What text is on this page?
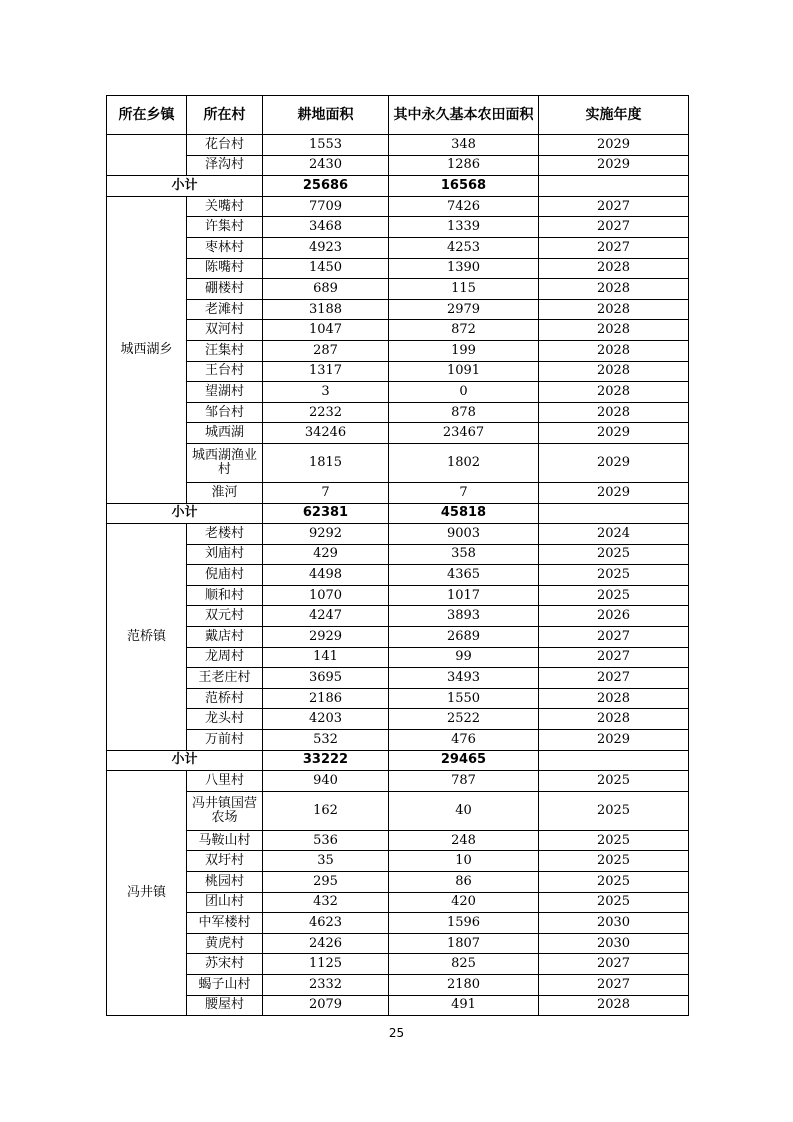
所在乡镇	所在村	耕地面积	其中永久基本农田面积	实施年度
	花台村	1553	348	2029
	泽沟村	2430	1286	2029
小计		25686	16568	
城西湖乡	关嘴村	7709	7426	2027
	许集村	3468	1339	2027
	枣林村	4923	4253	2027
	陈嘴村	1450	1390	2028
	硼楼村	689	115	2028
	老滩村	3188	2979	2028
	双河村	1047	872	2028
	汪集村	287	199	2028
	王台村	1317	1091	2028
	望湖村	3	0	2028
	邹台村	2232	878	2028
	城西湖	34246	23467	2029
	城西湖渔业村	1815	1802	2029
	淮河	7	7	2029
小计		62381	45818	
范桥镇	老楼村	9292	9003	2024
	刘庙村	429	358	2025
	倪庙村	4498	4365	2025
	顺和村	1070	1017	2025
	双元村	4247	3893	2026
	戴店村	2929	2689	2027
	龙周村	141	99	2027
	王老庄村	3695	3493	2027
	范桥村	2186	1550	2028
	龙头村	4203	2522	2028
	万前村	532	476	2029
小计		33222	29465	
冯井镇	八里村	940	787	2025
	冯井镇国营农场	162	40	2025
	马鞍山村	536	248	2025
	双圩村	35	10	2025
	桃园村	295	86	2025
	团山村	432	420	2025
	中军楼村	4623	1596	2030
	黄虎村	2426	1807	2030
	苏宋村	1125	825	2027
	蝎子山村	2332	2180	2027
	腰屋村	2079	491	2028
25
